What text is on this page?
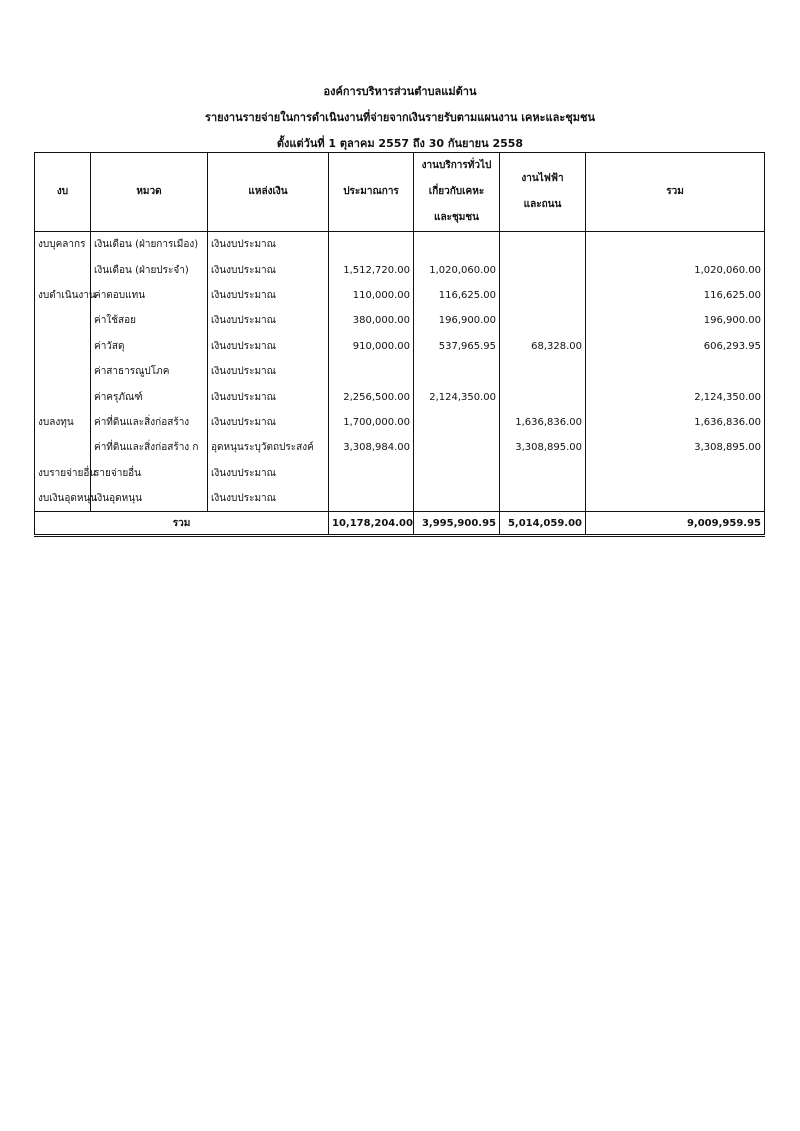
องค์การบริหารส่วนตำบลแม่ต้าน
รายงานรายจ่ายในการดำเนินงานที่จ่ายจากเงินรายรับตามแผนงาน เคหะและชุมชน
ตั้งแต่วันที่ 1 ตุลาคม 2557 ถึง 30 กันยายน 2558
งบ	หมวด	แหล่งเงิน	ประมาณการ	งานบริการทั่วไป
เกี่ยวกับเคหะ
และชุมชน	งานไฟฟ้า
และถนน	รวม
งบบุคลากร	เงินเดือน (ฝ่ายการเมือง)	เงินงบประมาณ				
	เงินเดือน (ฝ่ายประจำ)	เงินงบประมาณ	1,512,720.00	1,020,060.00		1,020,060.00
งบดำเนินงาน	ค่าตอบแทน	เงินงบประมาณ	110,000.00	116,625.00		116,625.00
	ค่าใช้สอย	เงินงบประมาณ	380,000.00	196,900.00		196,900.00
	ค่าวัสดุ	เงินงบประมาณ	910,000.00	537,965.95	68,328.00	606,293.95
	ค่าสาธารณูปโภค	เงินงบประมาณ				
	ค่าครุภัณฑ์	เงินงบประมาณ	2,256,500.00	2,124,350.00		2,124,350.00
งบลงทุน	ค่าที่ดินและสิ่งก่อสร้าง	เงินงบประมาณ	1,700,000.00		1,636,836.00	1,636,836.00
	ค่าที่ดินและสิ่งก่อสร้าง ก	อุดหนุนระบุวัตถประสงค์	3,308,984.00		3,308,895.00	3,308,895.00
งบรายจ่ายอื่น	รายจ่ายอื่น	เงินงบประมาณ				
งบเงินอุดหนุน	เงินอุดหนุน	เงินงบประมาณ				
รวม			10,178,204.00	3,995,900.95	5,014,059.00	9,009,959.95
